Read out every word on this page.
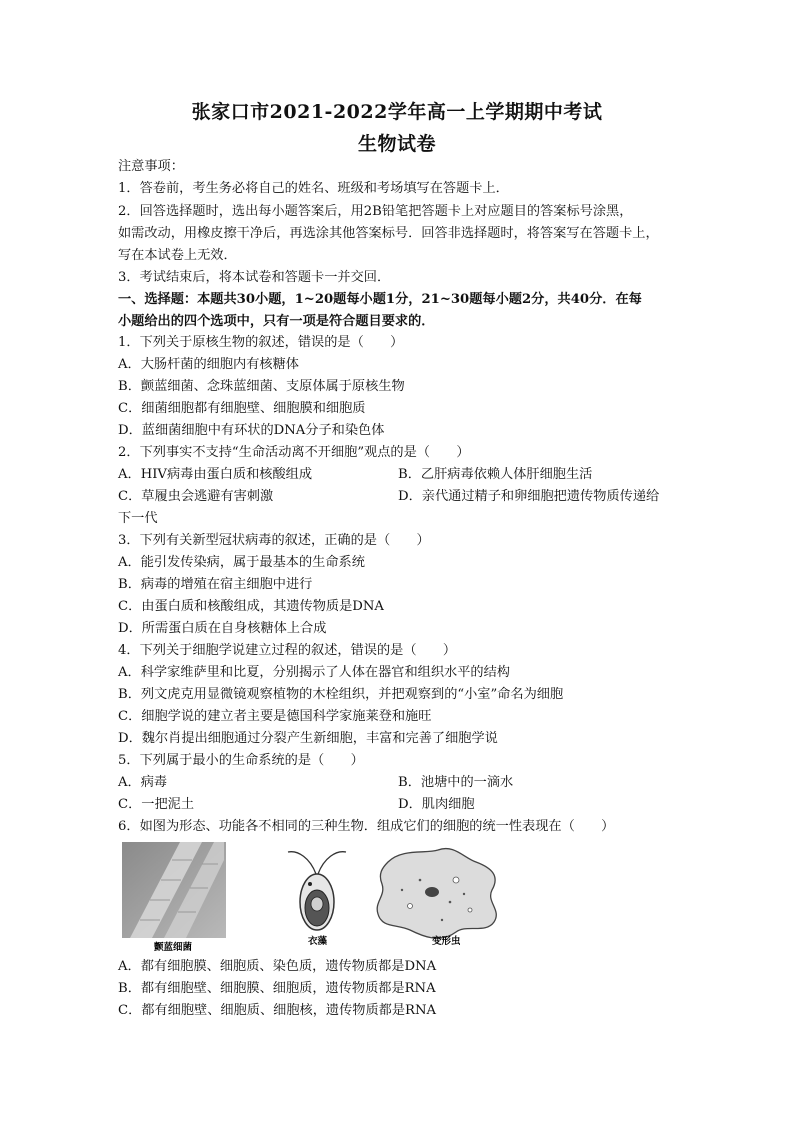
张家口市2021-2022学年高一上学期期中考试
生物试卷
注意事项：
1．答卷前，考生务必将自己的姓名、班级和考场填写在答题卡上．
2．回答选择题时，选出每小题答案后，用2B铅笔把答题卡上对应题目的答案标号涂黑，
如需改动，用橡皮擦干净后，再选涂其他答案标号．回答非选择题时，将答案写在答题卡上，
写在本试卷上无效．
3．考试结束后，将本试卷和答题卡一并交回．
一、选择题：本题共30小题，1~20题每小题1分，21~30题每小题2分，共40分．在每
小题给出的四个选项中，只有一项是符合题目要求的．
1．下列关于原核生物的叙述，错误的是（　　）
A．大肠杆菌的细胞内有核糖体
B．颤蓝细菌、念珠蓝细菌、支原体属于原核生物
C．细菌细胞都有细胞壁、细胞膜和细胞质
D．蓝细菌细胞中有环状的DNA分子和染色体
2．下列事实不支持“生命活动离不开细胞”观点的是（　　）
A．HIV病毒由蛋白质和核酸组成	B．乙肝病毒依赖人体肝细胞生活
C．草履虫会逃避有害刺激	D．亲代通过精子和卵细胞把遗传物质传递给
下一代
3．下列有关新型冠状病毒的叙述，正确的是（　　）
A．能引发传染病，属于最基本的生命系统
B．病毒的增殖在宿主细胞中进行
C．由蛋白质和核酸组成，其遗传物质是DNA
D．所需蛋白质在自身核糖体上合成
4．下列关于细胞学说建立过程的叙述，错误的是（　　）
A．科学家维萨里和比夏，分别揭示了人体在器官和组织水平的结构
B．列文虎克用显微镜观察植物的木栓组织，并把观察到的“小室”命名为细胞
C．细胞学说的建立者主要是德国科学家施莱登和施旺
D．魏尔肖提出细胞通过分裂产生新细胞，丰富和完善了细胞学说
5．下列属于最小的生命系统的是（　　）
A．病毒	B．池塘中的一滴水
C．一把泥土	D．肌肉细胞
6．如图为形态、功能各不相同的三种生物．组成它们的细胞的统一性表现在（　　）
颤蓝细菌
衣藻	变形虫
A．都有细胞膜、细胞质、染色质，遗传物质都是DNA
B．都有细胞壁、细胞膜、细胞质，遗传物质都是RNA
C．都有细胞壁、细胞质、细胞核，遗传物质都是RNA
